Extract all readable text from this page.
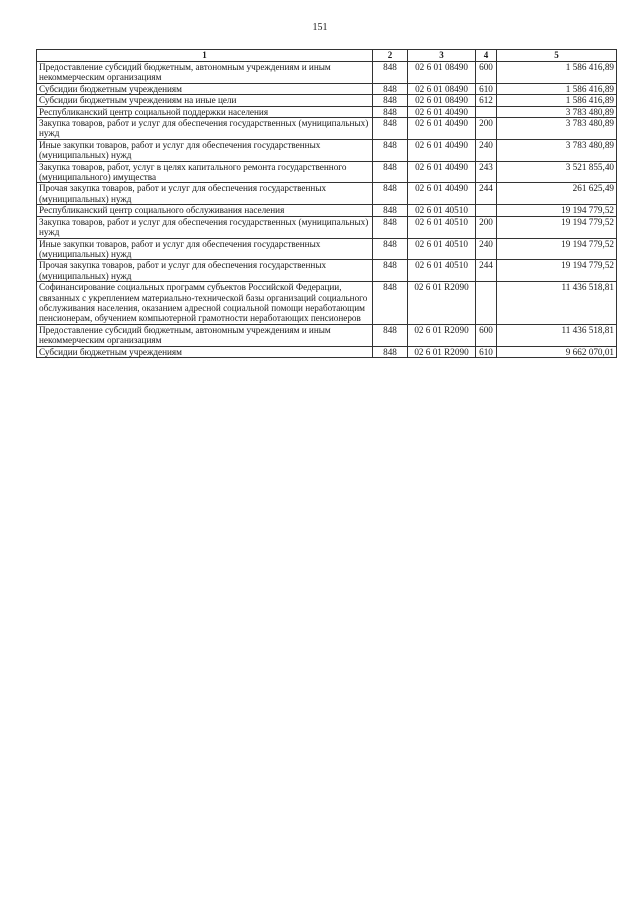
151
1	2	3	4	5
Предоставление субсидий бюджетным, автономным учреждениям и иным некоммерческим организациям	848	02 6 01 08490	600	1 586 416,89
Субсидии бюджетным учреждениям	848	02 6 01 08490	610	1 586 416,89
Субсидии бюджетным учреждениям на иные цели	848	02 6 01 08490	612	1 586 416,89
Республиканский центр социальной поддержки населения	848	02 6 01 40490		3 783 480,89
Закупка товаров, работ и услуг для обеспечения государственных (муниципальных) нужд	848	02 6 01 40490	200	3 783 480,89
Иные закупки товаров, работ и услуг для обеспечения государственных (муниципальных) нужд	848	02 6 01 40490	240	3 783 480,89
Закупка товаров, работ, услуг в целях капитального ремонта государственного (муниципального) имущества	848	02 6 01 40490	243	3 521 855,40
Прочая закупка товаров, работ и услуг для обеспечения государственных (муниципальных) нужд	848	02 6 01 40490	244	261 625,49
Республиканский центр социального обслуживания населения	848	02 6 01 40510		19 194 779,52
Закупка товаров, работ и услуг для обеспечения государственных (муниципальных) нужд	848	02 6 01 40510	200	19 194 779,52
Иные закупки товаров, работ и услуг для обеспечения государственных (муниципальных) нужд	848	02 6 01 40510	240	19 194 779,52
Прочая закупка товаров, работ и услуг для обеспечения государственных (муниципальных) нужд	848	02 6 01 40510	244	19 194 779,52
Софинансирование социальных программ субъектов Российской Федерации, связанных с укреплением материально-технической базы организаций социального обслуживания населения, оказанием адресной социальной помощи неработающим пенсионерам, обучением компьютерной грамотности неработающих пенсионеров	848	02 6 01 R2090		11 436 518,81
Предоставление субсидий бюджетным, автономным учреждениям и иным некоммерческим организациям	848	02 6 01 R2090	600	11 436 518,81
Субсидии бюджетным учреждениям	848	02 6 01 R2090	610	9 662 070,01
